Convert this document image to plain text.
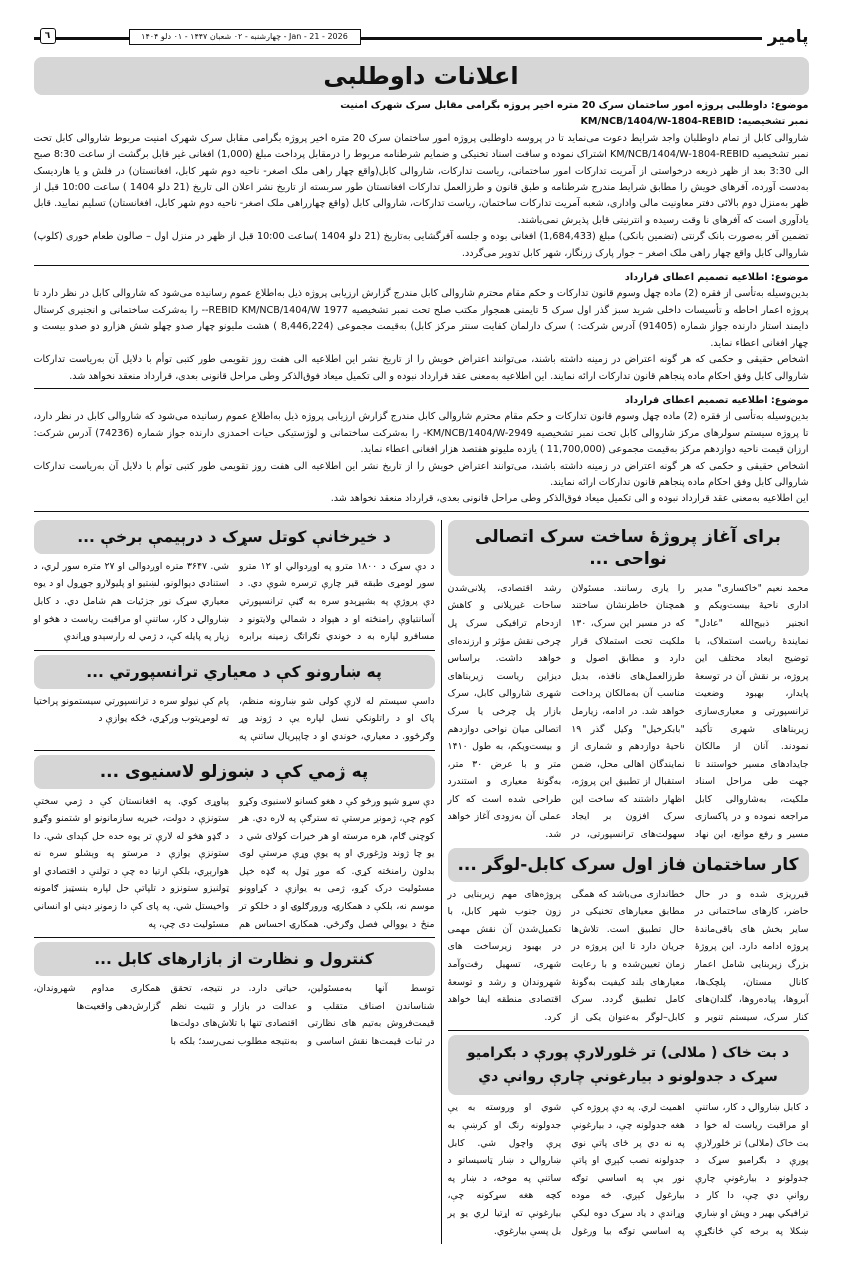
پامیر
چهارشنبه - ۰۲ شعبان ۱۴۴۷ - ۰۱ دلو ۱۴۰۴ - Jan - 21 - 2026
٦
اعلانات داوطلبی

موضوع: داوطلبی پروژه امور ساختمان سرک 20 متره اخیر پروژه بگرامی مقابل سرک شهرک امنیت

نمبر تشخیصیه: KM/NCB/1404/W-1804-REBID

شاروالی کابل از تمام داوطلبان واجد شرایط دعوت می‌نماید تا در پروسه داوطلبی پروژه امور ساختمان سرک 20 متره اخیر پروژه بگرامی مقابل سرک شهرک امنیت مربوط شاروالی کابل تحت نمبر تشخیصیه KM/NCB/1404/W-1804-REBID اشتراک نموده و سافت اسناد تخنیکی و ضمایم شرطنامه مربوط را درمقابل پرداخت مبلغ (1,000) افغانی غیر قابل برگشت از ساعت 8:30 صبح الی 3:30 بعد از ظهر ذریعه درخواستی از آمریت تدارکات امور ساختمانی، ریاست تدارکات، شاروالی کابل(واقع چهار راهی ملک اصغر- ناحیه دوم شهر کابل، افغانستان) در فلش و یا هاردیسک به‌دست آورده، آفرهای خویش را مطابق شرایط مندرج شرطنامه و طبق قانون و طرزالعمل تدارکات افغانستان طور سربسته از تاریخ نشر اعلان الی تاریخ (21 دلو 1404 ) ساعت 10:00 قبل از ظهر به‌منزل دوم بالائی دفتر معاونیت مالی واداری، شعبه آمریت تدارکات ساختمان، ریاست تدارکات، شاروالی کابل (واقع چهارراهی ملک اصغر- ناحیه دوم شهر کابل، افغانستان) تسلیم نمایید. قابل یادآوری است که آفرهای نا وقت رسیده و انترنیتی قابل پذیرش نمی‌باشند.

تضمین آفر به‌صورت بانک گرنتی (تضمین بانکی) مبلغ (1,684,433) افغانی بوده و جلسه آفرگشایی به‌تاریخ (21 دلو 1404 )ساعت 10:00 قبل از ظهر در منزل اول – صالون طعام خوری (کلوپ) شاروالی کابل واقع چهار راهی ملک اصغر – جوار پارک زرنگار، شهر کابل تدویر می‌گردد.

موضوع: اطلاعیه تصمیم اعطای قرارداد

بدین‌وسیله به‌تأسی از فقره (2) ماده چهل وسوم قانون تدارکات و حکم مقام محترم شاروالی کابل مندرج گزارش ارزیابی پروژه ذیل به‌اطلاع عموم رسانیده می‌شود که شاروالی کابل در نظر دارد تا پروژه اعمار احاطه و تأسیسات داخلی شرید سبز گذر اول سرک 5 تایمنی همجوار مکتب صلح تحت نمبر تشخیصیه REBID KM/NCB/1404/W 1977-- را به‌شرکت ساختمانی و انجنیری کرستال دایمند استار دارنده جواز شماره (91405) آدرس شرکت: ) سرک دارلمان کفایت سنتر مرکز کابل) به‌قیمت مجموعی (8,446,224 ) هشت ملیونو چهار صدو چهلو شش هزارو دو صدو بیست و چهار افغانی اعطاء نماید.

اشخاص حقیقی و حکمی که هر گونه اعتراض در زمینه داشته باشند، می‌توانند اعتراض خویش را از تاریخ نشر این اطلاعیه الی هفت روز تقویمی طور کتبی توأم با دلایل آن به‌ریاست تدارکات شاروالی کابل وفق احکام ماده پنجاهم قانون تدارکات ارائه نمایند. این اطلاعیه به‌معنی عقد قرارداد نبوده و الی تکمیل میعاد فوق‌الذکر وطی مراحل قانونی بعدی، قرارداد منعقد نخواهد شد.

موضوع: اطلاعیه تصمیم اعطای قرارداد

بدین‌وسیله به‌تأسی از فقره (2) ماده چهل وسوم قانون تدارکات و حکم مقام محترم شاروالی کابل مندرج گزارش ارزیابی پروژه ذیل به‌اطلاع عموم رسانیده می‌شود که شاروالی کابل در نظر دارد، تا پروژه سیستم سولرهای مرکز شاروالی کابل تحت نمبر تشخیصیه KM/NCB/1404/W-2949- را به‌شرکت ساختمانی و لوژستیکی حیات احمدزی دارنده جواز شماره (74236) آدرس شرکت: ارزان قیمت ناحیه دوازدهم مرکز به‌قیمت مجموعی (11,700,000 ) یازده ملیونو هفتصد هزار افغانی اعطاء نماید.

اشخاص حقیقی و حکمی که هر گونه اعتراض در زمینه داشته باشند، می‌توانند اعتراض خویش را از تاریخ نشر این اطلاعیه الی هفت روز تقویمی طور کتبی توأم با دلایل آن به‌ریاست تدارکات شاروالی کابل وفق احکام ماده پنجاهم قانون تدارکات ارائه نمایند.

این اطلاعیه به‌معنی عقد قرارداد نبوده و الی تکمیل میعاد فوق‌الذکر وطی مراحل قانونی بعدی، قرارداد منعقد نخواهد شد.

برای آغاز پروژهٔ ساخت سرک اتصالی نواحی ...
محمد نعیم "خاکساری" مدیر اداری ناحیهٔ بیست‌ویکم و انجنیر ذبیح‌الله "عادل" نمایندهٔ ریاست استملاک، با توضیح ابعاد مختلف این پروژه، بر نقش آن در توسعهٔ پایدار، بهبود وضعیت ترانسپورتی و معیاری‌سازی زیربناهای شهری تأکید نمودند. آنان از مالکان جایدادهای مسیر خواستند تا جهت طی مراحل اسناد ملکیت، به‌شاروالی کابل مراجعه نموده و در پاکسازی مسیر و رفع موانع، این نهاد را یاری رسانند. مسئولان همچنان خاطرنشان ساختند که در مسیر این سرک، ۱۳۰ ملکیت تحت استملاک قرار دارد و مطابق اصول و طرزالعمل‌های نافذه، بدیل مناسب آن به‌مالکان پرداخت خواهد شد. در ادامه، زیارمل "بابکرخیل" وکیل گذر ۱۹ ناحیهٔ دوازدهم و شماری از نمایندگان اهالی محل، ضمن استقبال از تطبیق این پروژه، اظهار داشتند که ساخت این سرک افزون بر ایجاد سهولت‌های ترانسپورتی، در رشد اقتصادی، پلانی‌شدن ساحات غیرپلانی و کاهش ازدحام ترافیکی سرک پل چرخی نقش مؤثر و ارزنده‌ای خواهد داشت. براساس دیزاین ریاست زیربناهای شهری شاروالی کابل، سرک بازار پل چرخی یا سرک اتصالی میان نواحی دوازدهم و بیست‌ویکم، به طول ۱۴۱۰ متر و با عرض ۳۰ متر، به‌گونهٔ معیاری و استندرد طراحی شده است که کار عملی آن به‌زودی آغاز خواهد شد.
کار ساختمان فاز اول سرک کابل-لوگر ...
قیرریزی شده و در حال حاضر، کارهای ساختمانی در سایر بخش های باقی‌ماندهٔ پروژه ادامه دارد. این پروژهٔ بزرگ زیربنایی شامل اعمار کانال مستان، پلچک‌ها، آبروها، پیاده‌روها، گلدان‌های کنار سرک، سیستم تنویر و خطاندازی می‌باشد که همگی مطابق معیارهای تخنیکی در حال تطبیق است. تلاش‌ها جریان دارد تا این پروژه در زمان تعیین‌شده و با رعایت معیارهای بلند کیفیت به‌گونهٔ کامل تطبیق گردد. سرک کابل–لوگر به‌عنوان یکی از پروژه‌های مهم زیربنایی در زون جنوب شهر کابل، با تکمیل‌شدن آن نقش مهمی در بهبود زیرساخت های شهری، تسهیل رفت‌وآمد شهروندان و رشد و توسعهٔ اقتصادی منطقه ایفا خواهد کرد.
د بت خاک ( ملالی) تر څلورلارې پورې د بګرامیو سړک د جدولونو د بیارغونې چارې روانې دي
د کابل ښاروالۍ د کار، ساتنې او مراقبت ریاست له خوا د بت خاک (ملالی) تر څلورلارې پورې د بګرامیو سړک د جدولونو د بیارغونې چارې روانې دي چې، دا کار د ترافیکي بهیر د ویش او ښاري ښکلا په برخه کې ځانګړې اهمیت لري. په دې پروژه کې هغه جدولونه چې، د بیارغونې په نه دي پر ځای پاتې نوي جدولونه نصب کېږي او پاتې نور یې په اساسي توګه بیارغول کېږي. څه موده وړاندې د یاد سړک دوه لیکې په اساسي توګه بیا ورغول شوي او وروسته به یې جدولونه رنګ او کرښې به پرې واچول شي. کابل ښاروالۍ د ښار ټاسیساتو د ساتنې په موخه، د ښار په کچه هغه سړکونه چې، بیارغونې ته اړتیا لري یو پر بل پسې بیارغوي.
د خیرخانې کوتل سړک د درېیمې برخې ...
د دې سړک د ۱۸۰۰ مترو په اوږدوالي او ۱۲ مترو سور لومړی طبقه قیر چارې ترسره شوې دي. د دې پروژې په بشپړېدو سره به ګڼې ترانسپورتي آسانتیاوې رامنځته او د هېواد د شمالي ولایتونو د مسافرو لپاره به د خوندي تګراتګ زمینه برابره شي. ۳۶۴۷ متره اوږدوالی او ۲۷ متره سور لري، د استنادي دېوالونو، لښتیو او پلیولارو جوړول او د یوه معیاري سړک نور جزئیات هم شامل دي. د کابل ښاروالۍ د کار، ساتنې او مراقبت ریاست د هڅو او زیار په پایله کې، د ژمي له رارسېدو وړاندې
په ښارونو کې د معیاري ترانسپورتي ...
داسې سیستم له لارې کولی شو ښارونه منظم، پاک او د راتلونکي نسل لپاره یې د ژوند وړ وګرځوو. د معیاري، خوندي او د چاپېریال ساتنې په پام کې نیولو سره د ترانسپورتي سیستمونو پراختیا ته لومړیتوب ورکړي، څکه یوازې د
په ژمي کې د ښوزلو لاسنیوی ...
دې سړو شپو ورځو کې د هغو کسانو لاسنیوی وکړو کوم چې، ژمونږ مرستې ته سترګې په لاره دي. هر کوچنی ګام، هره مرسته او هر خیرات کولای شي د یو چا ژوند وژغوري او په یوې وړې مرستې لوی بدلون رامنځته کړي. که موږ ټول په ګډه خپل مسئولیت درک کړو، ژمی به یوازې د کړاوونو موسم نه، بلکې د همکارۍ، ورورګلوۍ او د خلکو تر منځ د یووالي فصل وګرځي. همکارۍ احساس هم پیاوړی کوي. په افغانستان کې د ژمي سختې ستونزې د دولت، خیریه سازمانونو او شتمنو وګړو د ګډو هڅو له لارې تر یوه حده حل کېدای شي. دا ستونزې یوازې د مرستو په وېشلو سره نه هوارېږي، بلکې ارتیا ده چې د تولنې د اقتصادي او ټولنیزو ستونزو د تلپاتې حل لپاره بنسټیز ګامونه واخیستل شي. په پای کې دا زمونږ دیني او انساني مسئولیت دی چې، په
کنترول و نظارت از بازارهای کابل ...
توسط آنها به‌مسئولین، شناساندن اصناف متقلب و قیمت‌فروش به‌تیم های نظارتی در ثبات قیمت‌ها نقش اساسی و حیاتی دارد. در نتیجه، تحقق عدالت در بازار و تثبیت نظم اقتصادی تنها با تلاش‌های دولت‌ها به‌نتیجه مطلوب نمی‌رسد؛ بلکه با همکاری مداوم شهروندان، گزارش‌دهی واقعیت‌ها
